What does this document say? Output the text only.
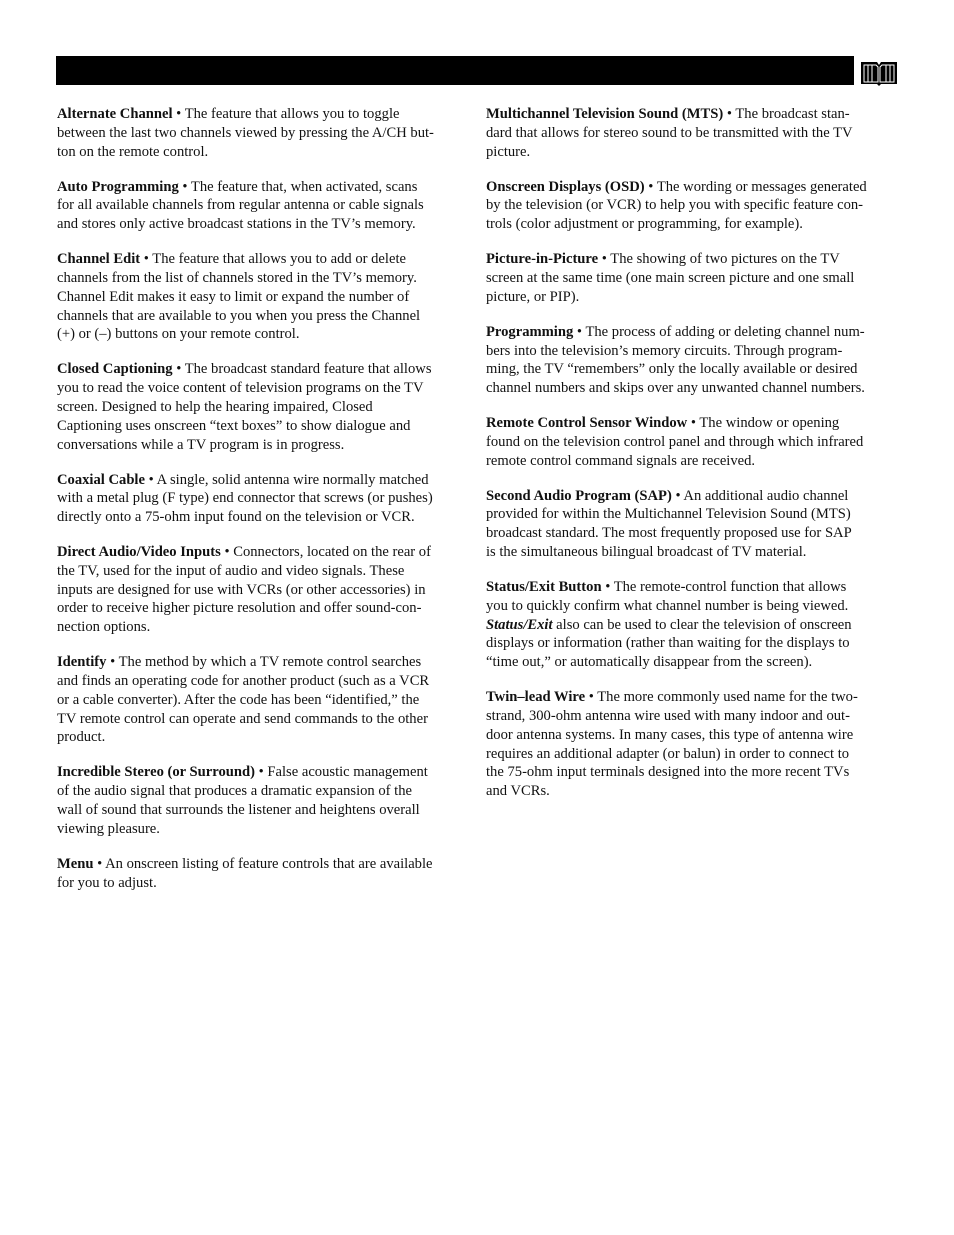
Alternate Channel • The feature that allows you to toggle
between the last two channels viewed by pressing the A/CH but-
ton on the remote control.

Auto Programming • The feature that, when activated, scans
for all available channels from regular antenna or cable signals
and stores only active broadcast stations in the TV’s memory.

Channel Edit • The feature that allows you to add or delete
channels from the list of channels stored in the TV’s memory.
Channel Edit makes it easy to limit or expand the number of
channels that are available to you when you press the Channel
(+) or (–) buttons on your remote control.

Closed Captioning • The broadcast standard feature that allows
you to read the voice content of television programs on the TV
screen. Designed to help the hearing impaired, Closed
Captioning uses onscreen “text boxes” to show dialogue and
conversations while a TV program is in progress.

Coaxial Cable • A single, solid antenna wire normally matched
with a metal plug (F type) end connector that screws (or pushes)
directly onto a 75-ohm input found on the television or VCR.

Direct Audio/Video Inputs • Connectors, located on the rear of
the TV, used for the input of audio and video signals. These
inputs are designed for use with VCRs (or other accessories) in
order to receive higher picture resolution and offer sound-con-
nection options.

Identify • The method by which a TV remote control searches
and finds an operating code for another product (such as a VCR
or a cable converter). After the code has been “identified,” the
TV remote control can operate and send commands to the other
product.

Incredible Stereo (or Surround) • False acoustic management
of the audio signal that produces a dramatic expansion of the
wall of sound that surrounds the listener and heightens overall
viewing pleasure.

Menu • An onscreen listing of feature controls that are available
for you to adjust.

Multichannel Television Sound (MTS) • The broadcast stan-
dard that allows for stereo sound to be transmitted with the TV
picture.

Onscreen Displays (OSD) • The wording or messages generated
by the television (or VCR) to help you with specific feature con-
trols (color adjustment or programming, for example).

Picture-in-Picture • The showing of two pictures on the TV
screen at the same time (one main screen picture and one small
picture, or PIP).

Programming • The process of adding or deleting channel num-
bers into the television’s memory circuits. Through program-
ming, the TV “remembers” only the locally available or desired
channel numbers and skips over any unwanted channel numbers.

Remote Control Sensor Window • The window or opening
found on the television control panel and through which infrared
remote control command signals are received.

Second Audio Program (SAP) • An additional audio channel
provided for within the Multichannel Television Sound (MTS)
broadcast standard. The most frequently proposed use for SAP
is the simultaneous bilingual broadcast of TV material.

Status/Exit Button • The remote-control function that allows
you to quickly confirm what channel number is being viewed.
Status/Exit also can be used to clear the television of onscreen
displays or information (rather than waiting for the displays to
“time out,” or automatically disappear from the screen).

Twin–lead Wire • The more commonly used name for the two-
strand, 300-ohm antenna wire used with many indoor and out-
door antenna systems. In many cases, this type of antenna wire
requires an additional adapter (or balun) in order to connect to
the 75-ohm input terminals designed into the more recent TVs
and VCRs.
